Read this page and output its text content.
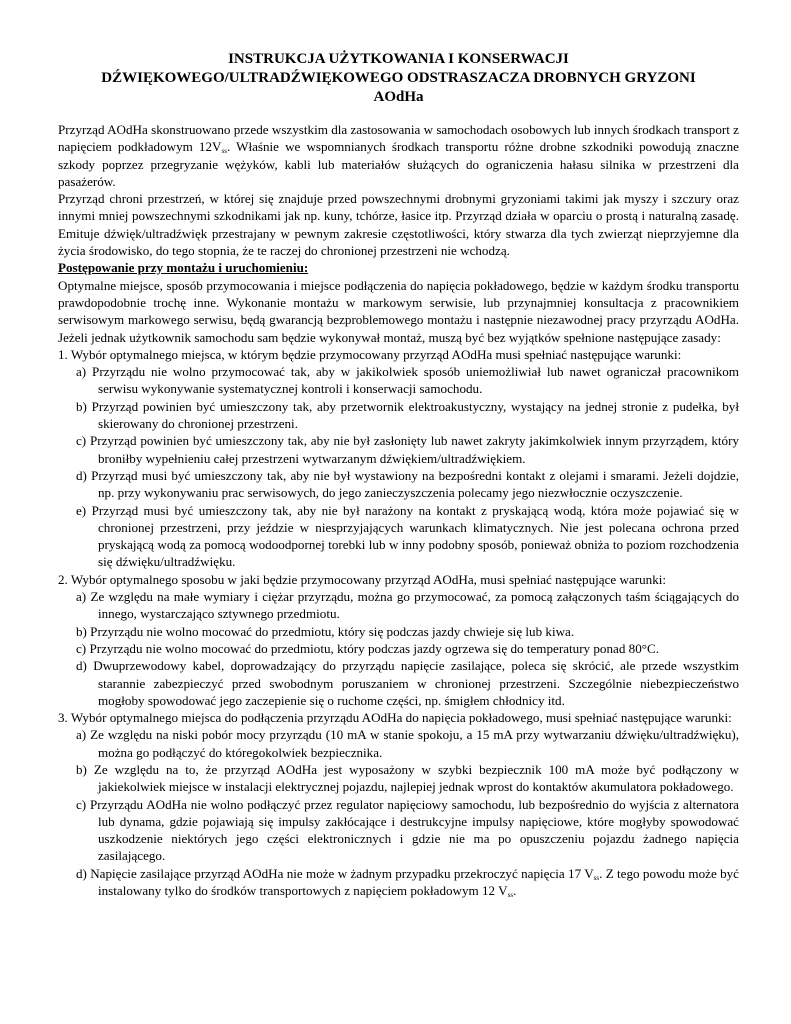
INSTRUKCJA UŻYTKOWANIA I KONSERWACJI
DŹWIĘKOWEGO/ULTRADŹWIĘKOWEGO ODSTRASZACZA DROBNYCH GRYZONI
AOdHa

Przyrząd AOdHa skonstruowano przede wszystkim dla zastosowania w samochodach osobowych lub innych środkach transport z napięciem podkładowym $12V_{ss}$. Właśnie we wspomnianych środkach transportu różne drobne szkodniki powodują znaczne szkody poprzez przegryzanie wężyków, kabli lub materiałów służących do ograniczenia hałasu silnika w przestrzeni dla pasażerów.

Przyrząd chroni przestrzeń, w której się znajduje przed powszechnymi drobnymi gryzoniami takimi jak myszy i szczury oraz innymi mniej powszechnymi szkodnikami jak np. kuny, tchórze, łasice itp. Przyrząd działa w oparciu o prostą i naturalną zasadę. Emituje dźwięk/ultradźwięk przestrajany w pewnym zakresie częstotliwości, który stwarza dla tych zwierząt nieprzyjemne dla życia środowisko, do tego stopnia, że te raczej do chronionej przestrzeni nie wchodzą.

Postępowanie przy montażu i uruchomieniu:

Optymalne miejsce, sposób przymocowania i miejsce podłączenia do napięcia pokładowego, będzie w każdym środku transportu prawdopodobnie trochę inne. Wykonanie montażu w markowym serwisie, lub przynajmniej konsultacja z pracownikiem serwisowym markowego serwisu, będą gwarancją bezproblemowego montażu i następnie niezawodnej pracy przyrządu AOdHa. Jeżeli jednak użytkownik samochodu sam będzie wykonywał montaż, muszą być bez wyjątków spełnione następujące zasady:

1. Wybór optymalnego miejsca, w którym będzie przymocowany przyrząd AOdHa musi spełniać następujące warunki:

a) Przyrządu nie wolno przymocować tak, aby w jakikolwiek sposób uniemożliwiał lub nawet ograniczał pracownikom serwisu wykonywanie systematycznej kontroli i konserwacji samochodu.

b) Przyrząd powinien być umieszczony tak, aby przetwornik elektroakustyczny, wystający na jednej stronie z pudełka, był skierowany do chronionej przestrzeni.

c) Przyrząd powinien być umieszczony tak, aby nie był zasłonięty lub nawet zakryty jakimkolwiek innym przyrządem, który broniłby wypełnieniu całej przestrzeni wytwarzanym dźwiękiem/ultradźwiękiem.

d) Przyrząd musi być umieszczony tak, aby nie był wystawiony na bezpośredni kontakt z olejami i smarami. Jeżeli dojdzie, np. przy wykonywaniu prac serwisowych, do jego zanieczyszczenia polecamy jego niezwłocznie oczyszczenie.

e) Przyrząd musi być umieszczony tak, aby nie był narażony na kontakt z pryskającą wodą, która może pojawiać się w chronionej przestrzeni, przy jeździe w niesprzyjających warunkach klimatycznych. Nie jest polecana ochrona przed pryskającą wodą za pomocą wodoodpornej torebki lub w inny podobny sposób, ponieważ obniża to poziom rozchodzenia się dźwięku/ultradźwięku.

2. Wybór optymalnego sposobu w jaki będzie przymocowany przyrząd AOdHa, musi spełniać następujące warunki:

a) Ze względu na małe wymiary i ciężar przyrządu, można go przymocować, za pomocą załączonych taśm ściągających do innego, wystarczająco sztywnego przedmiotu.

b) Przyrządu nie wolno mocować do przedmiotu, który się podczas jazdy chwieje się lub kiwa.

c) Przyrządu nie wolno mocować do przedmiotu, który podczas jazdy ogrzewa się do temperatury ponad 80°C.

d) Dwuprzewodowy kabel, doprowadzający do przyrządu napięcie zasilające, poleca się skrócić, ale przede wszystkim starannie zabezpieczyć przed swobodnym poruszaniem w chronionej przestrzeni. Szczególnie niebezpieczeństwo mogłoby spowodować jego zaczepienie się o ruchome części, np. śmigłem chłodnicy itd.

3. Wybór optymalnego miejsca do podłączenia przyrządu AOdHa do napięcia pokładowego, musi spełniać następujące warunki:

a) Ze względu na niski pobór mocy przyrządu (10 mA w stanie spokoju, a 15 mA przy wytwarzaniu dźwięku/ultradźwięku), można go podłączyć do któregokolwiek bezpiecznika.

b) Ze względu na to, że przyrząd AOdHa jest wyposażony w szybki bezpiecznik 100 mA może być podłączony w jakiekolwiek miejsce w instalacji elektrycznej pojazdu, najlepiej jednak wprost do kontaktów akumulatora pokładowego.

c) Przyrządu AOdHa nie wolno podłączyć przez regulator napięciowy samochodu, lub bezpośrednio do wyjścia z alternatora lub dynama, gdzie pojawiają się impulsy zakłócające i destrukcyjne impulsy napięciowe, które mogłyby spowodować uszkodzenie niektórych jego części elektronicznych i gdzie nie ma po opuszczeniu pojazdu żadnego napięcia zasilającego.

d) Napięcie zasilające przyrząd AOdHa nie może w żadnym przypadku przekroczyć napięcia 17 $V_{ss}$. Z tego powodu może być instalowany tylko do środków transportowych z napięciem pokładowym 12 $V_{ss}$.
